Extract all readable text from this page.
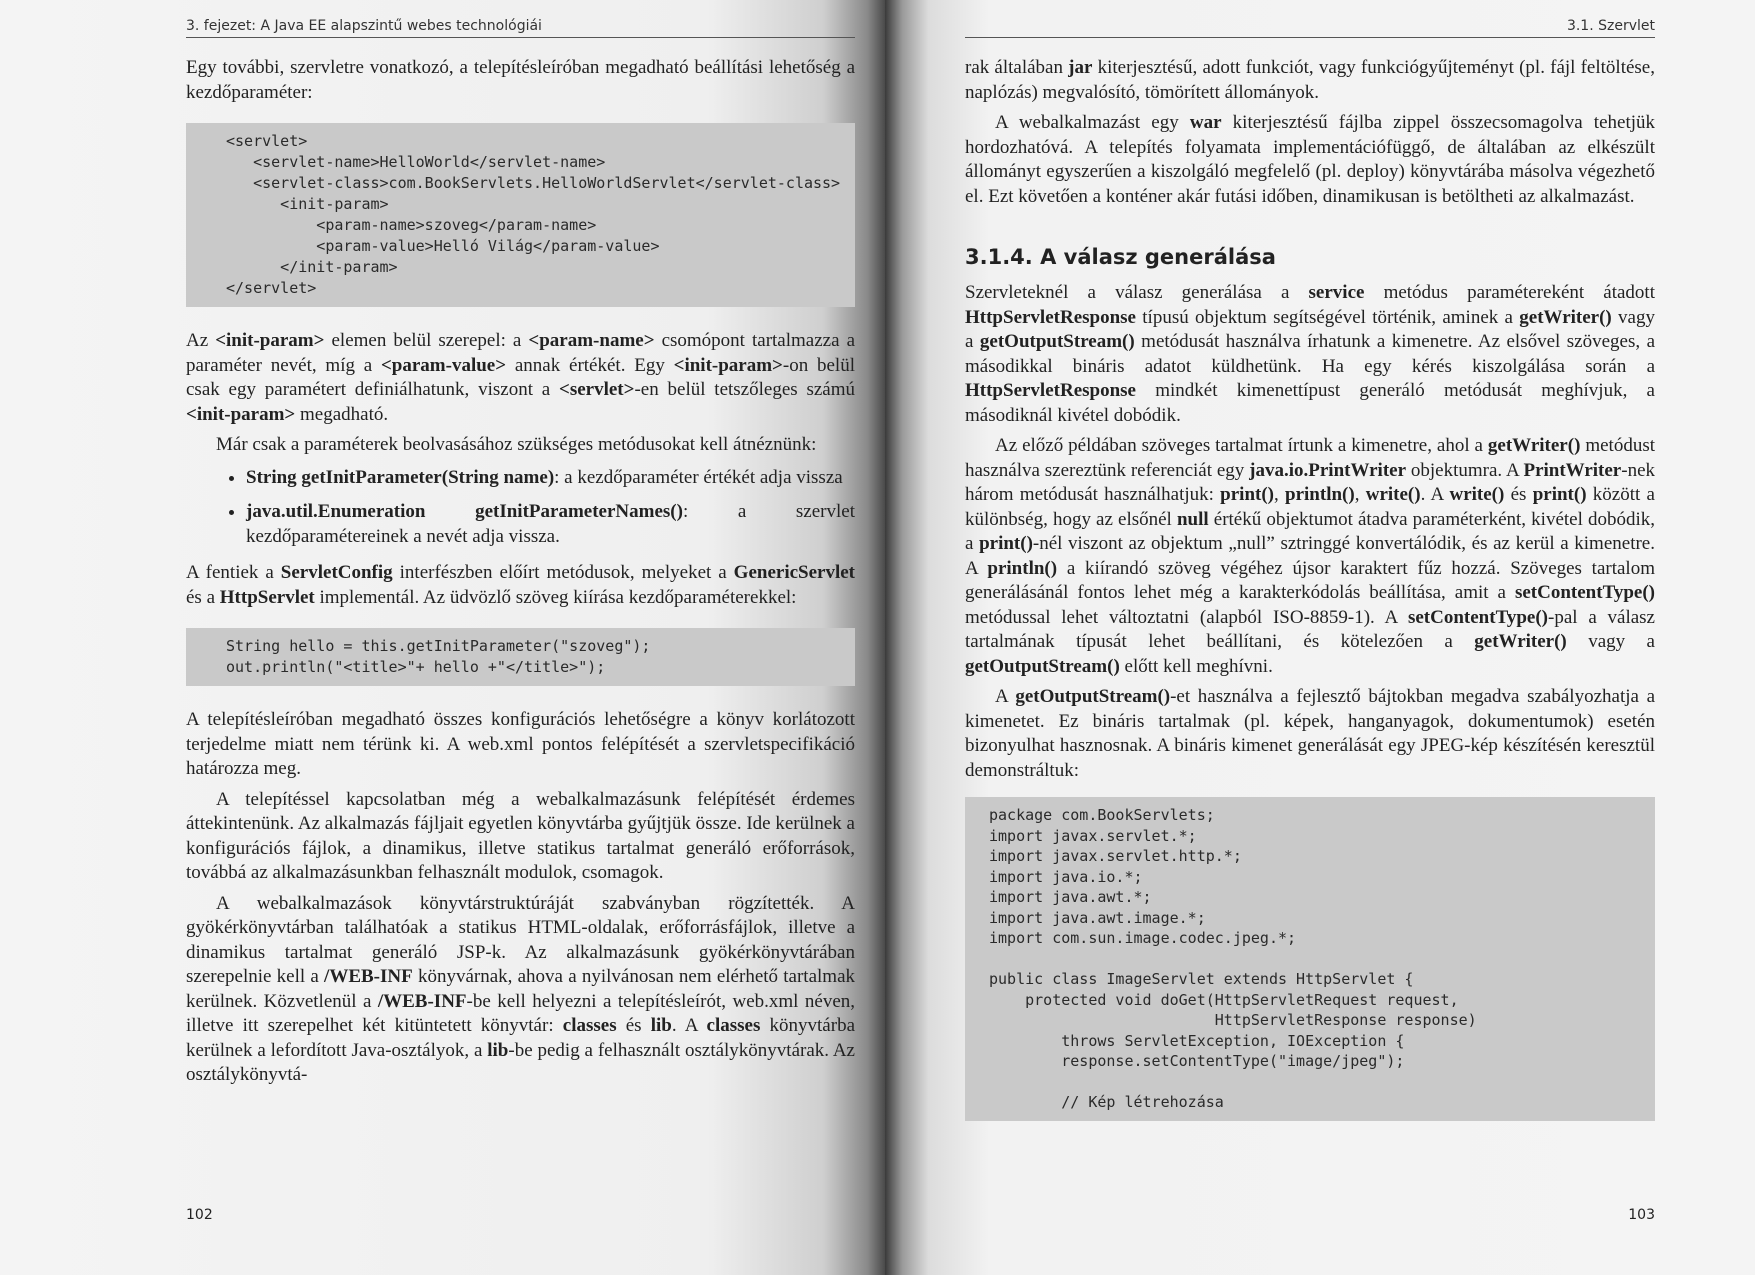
3. fejezet: A Java EE alapszintű webes technológiái

Egy további, szervletre vonatkozó, a telepítésleíróban megadható beállítási lehetőség a kezdőparaméter:

<servlet>
<servlet-name>HelloWorld</servlet-name>
<servlet-class>com.BookServlets.HelloWorldServlet</servlet-class>
<init-param>
<param-name>szoveg</param-name>
<param-value>Helló Világ</param-value>
</init-param>
</servlet>

Az <init-param> elemen belül szerepel: a <param-name> csomópont tartalmazza a paraméter nevét, míg a <param-value> annak értékét. Egy <init-param>-on belül csak egy paramétert definiálhatunk, viszont a <servlet>-en belül tetszőleges számú <init-param> megadható.

Már csak a paraméterek beolvasásához szükséges metódusokat kell átnéznünk:

• String getInitParameter(String name): a kezdőparaméter értékét adja vissza
• java.util.Enumeration getInitParameterNames(): a szervlet kezdőparamétereinek a nevét adja vissza.

A fentiek a ServletConfig interfészben előírt metódusok, melyeket a GenericServlet és a HttpServlet implementál. Az üdvözlő szöveg kiírása kezdőparaméterekkel:

String hello = this.getInitParameter("szoveg");
out.println("<title>"+ hello +"</title>");

A telepítésleíróban megadható összes konfigurációs lehetőségre a könyv korlátozott terjedelme miatt nem térünk ki. A web.xml pontos felépítését a szervletspecifikáció határozza meg.

A telepítéssel kapcsolatban még a webalkalmazásunk felépítését érdemes áttekintenünk. Az alkalmazás fájljait egyetlen könyvtárba gyűjtjük össze. Ide kerülnek a konfigurációs fájlok, a dinamikus, illetve statikus tartalmat generáló erőforrások, továbbá az alkalmazásunkban felhasznált modulok, csomagok.

A webalkalmazások könyvtárstruktúráját szabványban rögzítették. A gyökérkönyvtárban találhatóak a statikus HTML-oldalak, erőforrásfájlok, illetve a dinamikus tartalmat generáló JSP-k. Az alkalmazásunk gyökérkönyvtárában szerepelnie kell a /WEB-INF könyvárnak, ahova a nyilvánosan nem elérhető tartalmak kerülnek. Közvetlenül a /WEB-INF-be kell helyezni a telepítésleírót, web.xml néven, illetve itt szerepelhet két kitüntetett könyvtár: classes és lib. A classes könyvtárba kerülnek a lefordított Java-osztályok, a lib-be pedig a felhasznált osztálykönyvtárak. Az osztálykönyvtá-

102
3.1. Szervlet

rak általában jar kiterjesztésű, adott funkciót, vagy funkciógyűjteményt (pl. fájl feltöltése, naplózás) megvalósító, tömörített állományok.

A webalkalmazást egy war kiterjesztésű fájlba zippel összecsomagolva tehetjük hordozhatóvá. A telepítés folyamata implementációfüggő, de általában az elkészült állományt egyszerűen a kiszolgáló megfelelő (pl. deploy) könyvtárába másolva végezhető el. Ezt követően a konténer akár futási időben, dinamikusan is betöltheti az alkalmazást.

3.1.4. A válasz generálása

Szervleteknél a válasz generálása a service metódus paramétereként átadott HttpServletResponse típusú objektum segítségével történik, aminek a getWriter() vagy a getOutputStream() metódusát használva írhatunk a kimenetre. Az elsővel szöveges, a másodikkal bináris adatot küldhetünk. Ha egy kérés kiszolgálása során a HttpServletResponse mindkét kimenettípust generáló metódusát meghívjuk, a másodiknál kivétel dobódik.

Az előző példában szöveges tartalmat írtunk a kimenetre, ahol a getWriter() metódust használva szereztünk referenciát egy java.io.PrintWriter objektumra. A PrintWriter-nek három metódusát használhatjuk: print(), println(), write(). A write() és print() között a különbség, hogy az elsőnél null értékű objektumot átadva paraméterként, kivétel dobódik, a print()-nél viszont az objektum „null” sztringgé konvertálódik, és az kerül a kimenetre. A println() a kiírandó szöveg végéhez újsor karaktert fűz hozzá. Szöveges tartalom generálásánál fontos lehet még a karakterkódolás beállítása, amit a setContentType() metódussal lehet változtatni (alapból ISO-8859-1). A setContentType()-pal a válasz tartalmának típusát lehet beállítani, és kötelezően a getWriter() vagy a getOutputStream() előtt kell meghívni.

A getOutputStream()-et használva a fejlesztő bájtokban megadva szabályozhatja a kimenetet. Ez bináris tartalmak (pl. képek, hanganyagok, dokumentumok) esetén bizonyulhat hasznosnak. A bináris kimenet generálását egy JPEG-kép készítésén keresztül demonstráltuk:

package com.BookServlets;
import javax.servlet.*;
import javax.servlet.http.*;
import java.io.*;
import java.awt.*;
import java.awt.image.*;
import com.sun.image.codec.jpeg.*;

public class ImageServlet extends HttpServlet {
protected void doGet(HttpServletRequest request,
HttpServletResponse response)
throws ServletException, IOException {
response.setContentType("image/jpeg");

// Kép létrehozása
103
